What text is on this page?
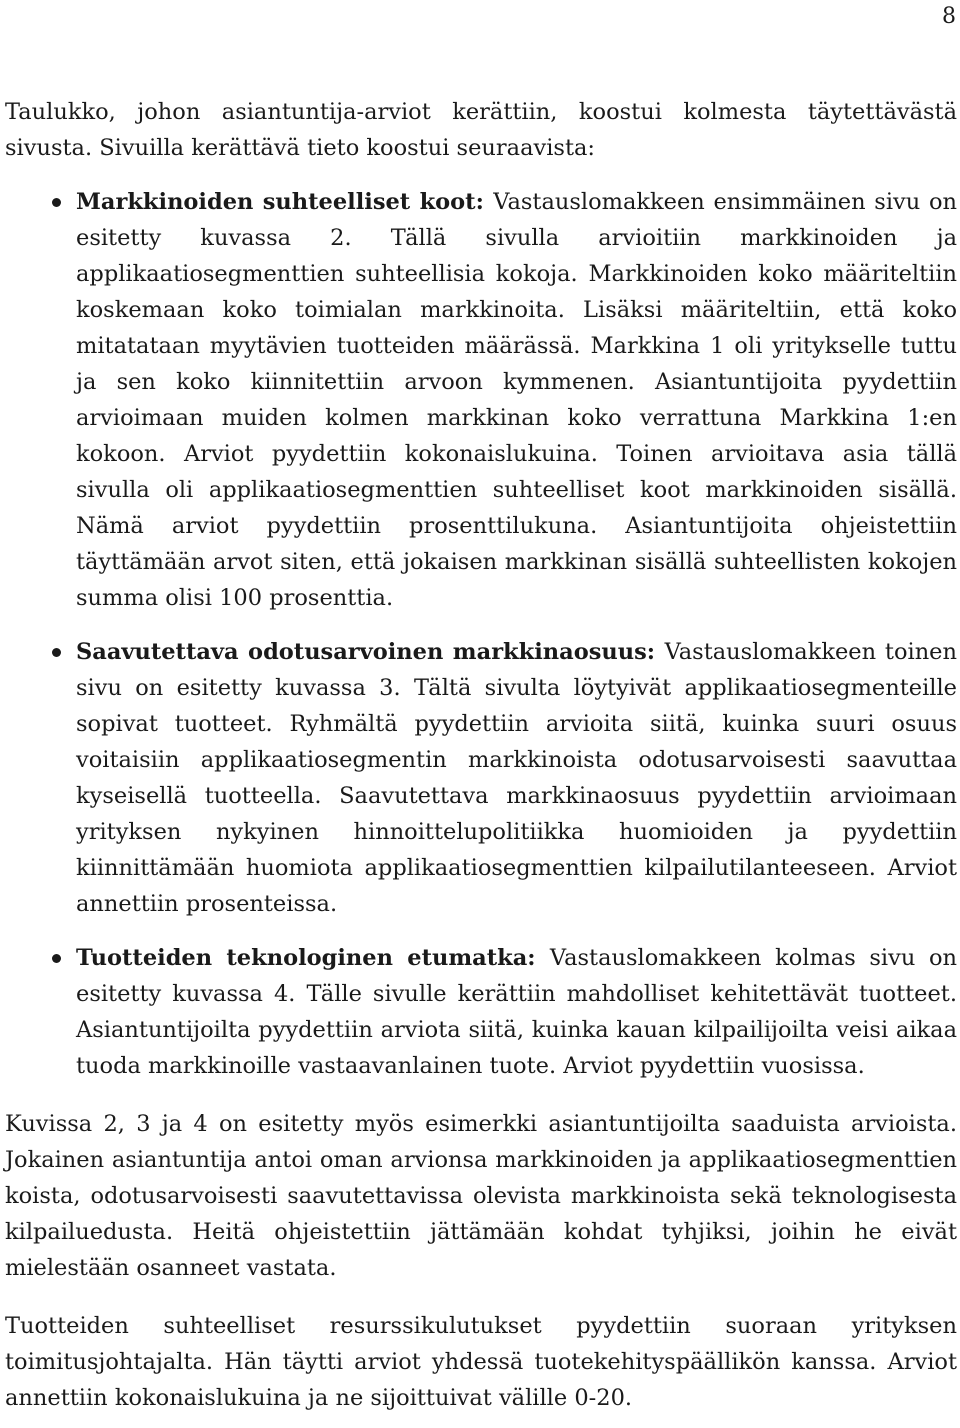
8

Taulukko, johon asiantuntija-arviot kerättiin, koostui kolmesta täytettävästä sivusta. Sivuilla kerättävä tieto koostui seuraavista:

Markkinoiden suhteelliset koot: Vastauslomakkeen ensimmäinen sivu on esitetty kuvassa 2. Tällä sivulla arvioitiin markkinoiden ja applikaatiosegmenttien suhteellisia kokoja. Markkinoiden koko määriteltiin koskemaan koko toimialan markkinoita. Lisäksi määriteltiin, että koko mitatataan myytävien tuotteiden määrässä. Markkina 1 oli yritykselle tuttu ja sen koko kiinnitettiin arvoon kymmenen. Asiantuntijoita pyydettiin arvioimaan muiden kolmen markkinan koko verrattuna Markkina 1:en kokoon. Arviot pyydettiin kokonaislukuina. Toinen arvioitava asia tällä sivulla oli applikaatiosegmenttien suhteelliset koot markkinoiden sisällä. Nämä arviot pyydettiin prosenttilukuna. Asiantuntijoita ohjeistettiin täyttämään arvot siten, että jokaisen markkinan sisällä suhteellisten kokojen summa olisi 100 prosenttia.
Saavutettava odotusarvoinen markkinaosuus: Vastauslomakkeen toinen sivu on esitetty kuvassa 3. Tältä sivulta löytyivät applikaatiosegmenteille sopivat tuotteet. Ryhmältä pyydettiin arvioita siitä, kuinka suuri osuus voitaisiin applikaatiosegmentin markkinoista odotusarvoisesti saavuttaa kyseisellä tuotteella. Saavutettava markkinaosuus pyydettiin arvioimaan yrityksen nykyinen hinnoittelupolitiikka huomioiden ja pyydettiin kiinnittämään huomiota applikaatiosegmenttien kilpailutilanteeseen. Arviot annettiin prosenteissa.
Tuotteiden teknologinen etumatka: Vastauslomakkeen kolmas sivu on esitetty kuvassa 4. Tälle sivulle kerättiin mahdolliset kehitettävät tuotteet. Asiantuntijoilta pyydettiin arviota siitä, kuinka kauan kilpailijoilta veisi aikaa tuoda markkinoille vastaavanlainen tuote. Arviot pyydettiin vuosissa.

Kuvissa 2, 3 ja 4 on esitetty myös esimerkki asiantuntijoilta saaduista arvioista. Jokainen asiantuntija antoi oman arvionsa markkinoiden ja applikaatiosegmenttien koista, odotusarvoisesti saavutettavissa olevista markkinoista sekä teknologisesta kilpailuedusta. Heitä ohjeistettiin jättämään kohdat tyhjiksi, joihin he eivät mielestään osanneet vastata.

Tuotteiden suhteelliset resurssikulutukset pyydettiin suoraan yrityksen toimitusjohtajalta. Hän täytti arviot yhdessä tuotekehityspäällikön kanssa. Arviot annettiin kokonaislukuina ja ne sijoittuivat välille 0-20.
